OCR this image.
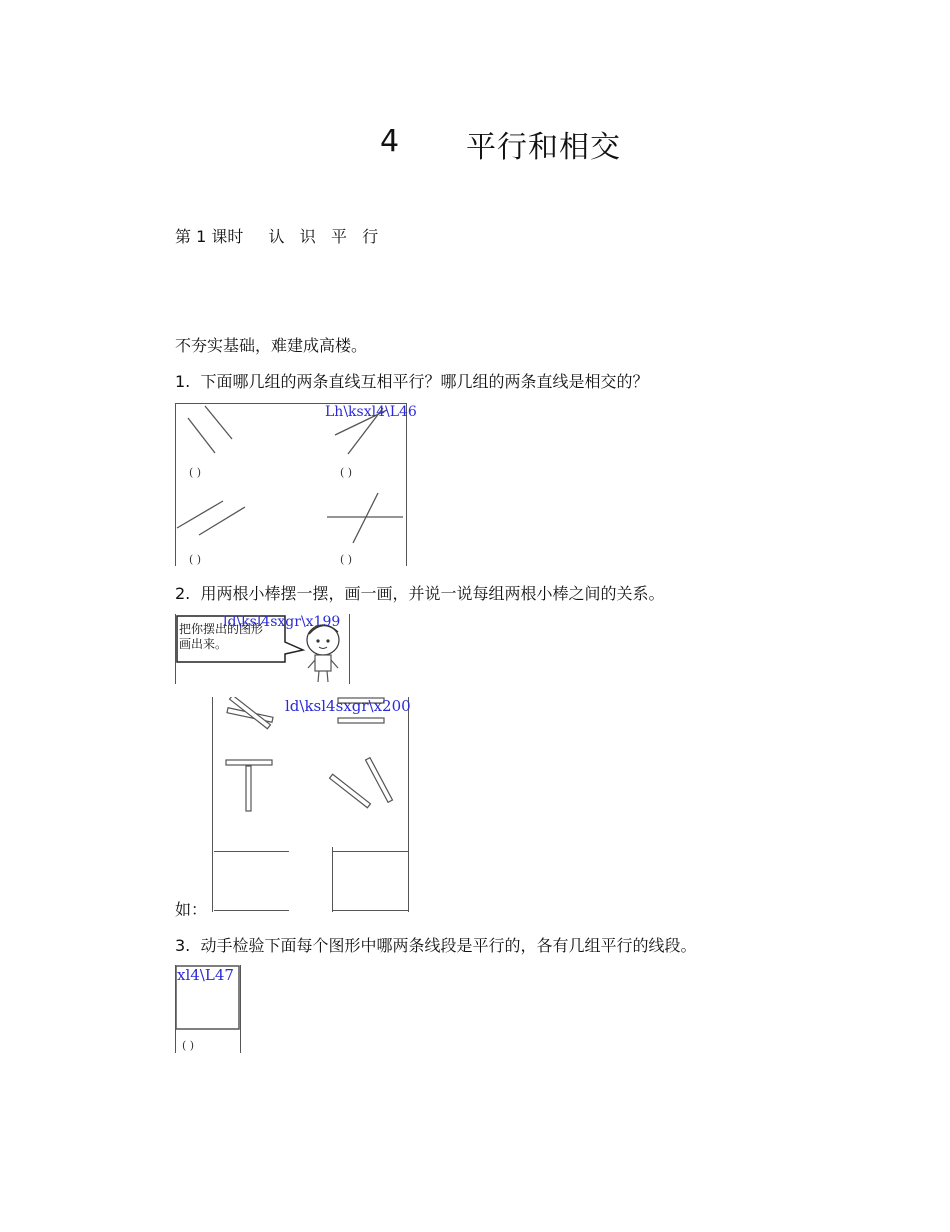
4 平行和相交
第 1 课时 认 识 平 行
不夯实基础，难建成高楼。
1. 下面哪几组的两条直线互相平行？哪几组的两条直线是相交的？
Lh\ksxl4\L46
( )	( )
( )	( )
2. 用两根小棒摆一摆，画一画，并说一说每组两根小棒之间的关系。
把你摆出的图形
画出来。
ld\ksl4sxgr\x199
ld\ksl4sxgr\x200
如：
3. 动手检验下面每个图形中哪两条线段是平行的，各有几组平行的线段。
xl4\L47
( )
